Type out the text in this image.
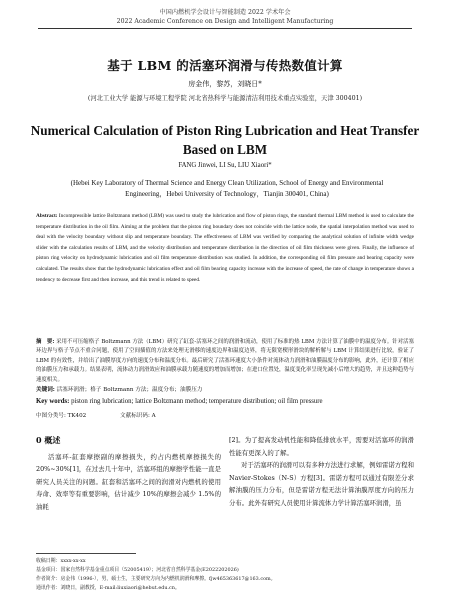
中国内燃机学会设计与智能制造 2022 学术年会
2022 Academic Conference on Design and Intelligent Manufacturing
基于 LBM 的活塞环润滑与传热数值计算
房金伟，黎苏，刘晓日*
(河北工业大学 能源与环境工程学院 河北省热科学与能源清洁利用技术重点实验室，天津 300401)
Numerical Calculation of Piston Ring Lubrication and Heat Transfer Based on LBM
FANG Jinwei, LI Su, LIU Xiaori*
(Hebei Key Laboratory of Thermal Science and Energy Clean Utilization, School of Energy and Environmental Engineering，Hebei University of Technology，Tianjin 300401, China)
Abstract: Incompressible lattice Boltzmann method (LBM) was used to study the lubrication and flow of piston rings, the standard thermal LBM method is used to calculate the temperature distribution in the oil film. Aiming at the problem that the piston ring boundary does not coincide with the lattice node, the spatial interpolation method was used to deal with the velocity boundary without slip and temperature boundary. The effectiveness of LBM was verified by comparing the analytical solution of infinite width wedge slider with the calculation results of LBM, and the velocity distribution and temperature distribution in the direction of oil film thickness were given. Finally, the influence of piston ring velocity on hydrodynamic lubrication and oil film temperature distribution was studied. In addition, the corresponding oil film pressure and bearing capacity were calculated. The results show that the hydrodynamic lubrication effect and oil film bearing capacity increase with the increase of speed, the rate of change in temperature shows a tendency to decrease first and then increase, and this trend is related to speed.
摘　要: 采用不可压缩格子 Boltzmann 方法（LBM）研究了缸套-活塞环之间的润滑和流动，使用了标准的热 LBM 方法计算了油膜中的温度分布。针对活塞环边界与格子节点不重合问题，使用了空间插值的方法来处理无滑移的速度边界和温度边界，将无限宽楔形滑块的解析解与 LBM 计算结果进行比较，验证了 LBM 的有效性，并给出了油膜厚度方向的速度分布和温度分布。最后研究了活塞环速度大小条件对流体动力润滑和油膜温度分布的影响，此外，还计算了相应的油膜压力和承载力。结果表明，流体动力润滑效应和油膜承载力随速度的增加而增加；在进口位置处，温度变化率呈现先减小后增大的趋势，并且这种趋势与速度相关。
关键词: 活塞环润滑；格子 Boltzmann 方法；温度分布；油膜压力
Key words: piston ring lubrication; lattice Boltzmann method; temperature distribution; oil film pressure
中图分类号: TK402	文献标识码: A
0 概述
活塞环-缸套摩擦副的摩擦损失，约占内燃机摩擦损失的 20%~30%[1]，在过去几十年中，活塞环组的摩擦学性能一直是研究人员关注的问题。缸套和活塞环之间的润滑对内燃机的使用寿命、效率等有重要影响，估计减少 10%的摩擦会减少 1.5%的油耗
[2]。为了提高发动机性能和降低排放水平，需要对活塞环的润滑性能有更深入的了解。
对于活塞环的润滑可以有多种方法进行求解，例如雷诺方程和 Navier-Stokes（N-S）方程[3]。雷诺方程可以通过有限差分求解油膜的压力分布，但是雷诺方程无法计算油膜厚度方向的压力分布。此外有研究人员使用计算流体力学计算活塞环润滑，虽
收稿日期：xxxx-xx-xx
基金项目：国家自然科学基金重点项目（52005419）；河北省自然科学基金(E2022202026)
作者简介：房金伟（1996-），男，硕士生，主要研究方向为内燃机润滑和摩擦。fjw465363617@163.com。
通讯作者：刘晓日，副教授，E-mail:liuxiaori@hebut.edu.cn。
